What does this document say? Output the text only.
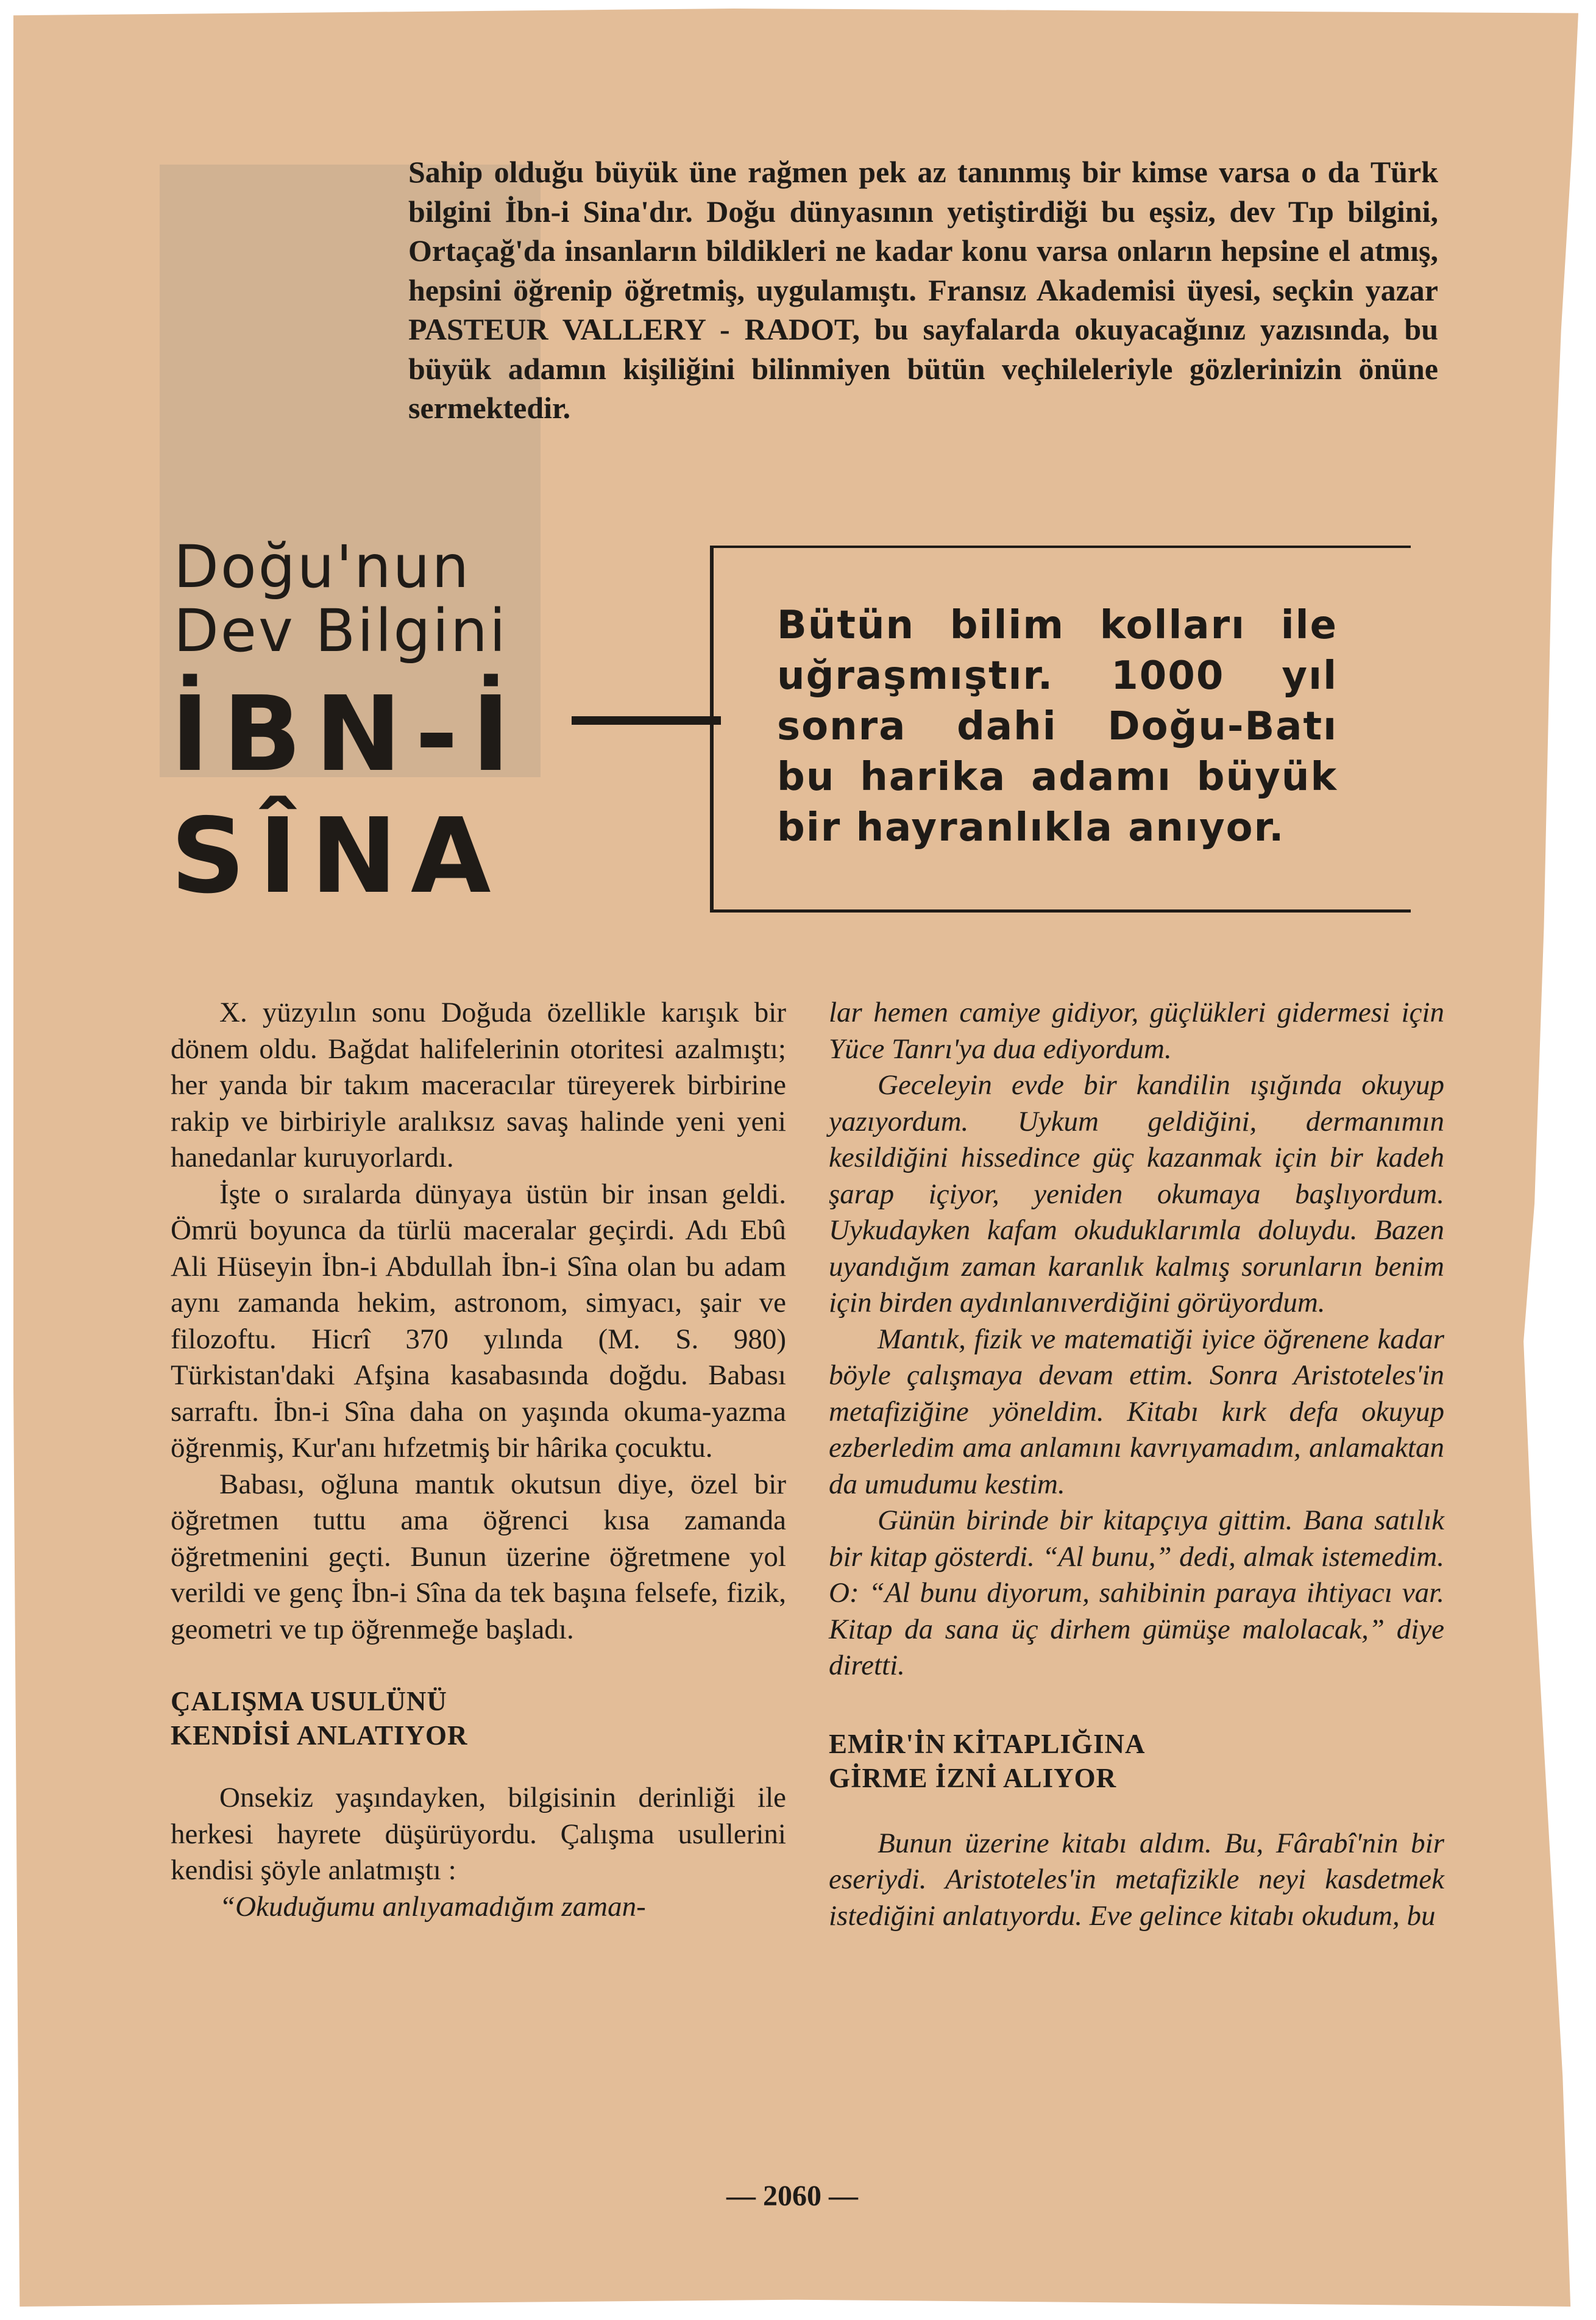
Sahip olduğu büyük üne rağmen pek az tanınmış bir kimse varsa o da Türk bilgini İbn-i Sina'dır. Doğu dünyasının yetiştirdiği bu eşsiz, dev Tıp bilgini, Ortaçağ'da insanların bildikleri ne kadar konu varsa onların hepsine el atmış, hepsini öğrenip öğretmiş, uygulamıştı. Fransız Akademisi üyesi, seçkin yazar PASTEUR VALLERY - RADOT, bu sayfalarda okuyacağınız yazısında, bu büyük adamın kişiliğini bilinmiyen bütün veçhileleriyle gözlerinizin önüne sermektedir.

Doğu'nun
Dev Bilgini
İBN-İ
SÎNA

Bütün bilim kolları ile uğraşmıştır. 1000 yıl sonra dahi Doğu-Batı bu harika adamı büyük bir hayranlıkla anıyor.

X. yüzyılın sonu Doğuda özellikle karışık bir dönem oldu. Bağdat halifelerinin otoritesi azalmıştı; her yanda bir takım maceracılar türeyerek birbirine rakip ve birbiriyle aralıksız savaş halinde yeni yeni hanedanlar kuruyorlardı.

İşte o sıralarda dünyaya üstün bir insan geldi. Ömrü boyunca da türlü maceralar geçirdi. Adı Ebû Ali Hüseyin İbn-i Abdullah İbn-i Sîna olan bu adam aynı zamanda hekim, astronom, simyacı, şair ve filozoftu. Hicrî 370 yılında (M. S. 980) Türkistan'daki Afşina kasabasında doğdu. Babası sarraftı. İbn-i Sîna daha on yaşında okuma-yazma öğrenmiş, Kur'anı hıfzetmiş bir hârika çocuktu.

Babası, oğluna mantık okutsun diye, özel bir öğretmen tuttu ama öğrenci kısa zamanda öğretmenini geçti. Bunun üzerine öğretmene yol verildi ve genç İbn-i Sîna da tek başına felsefe, fizik, geometri ve tıp öğrenmeğe başladı.

ÇALIŞMA USULÜNÜ KENDİSİ ANLATIYOR

Onsekiz yaşındayken, bilgisinin derinliği ile herkesi hayrete düşürüyordu. Çalışma usullerini kendisi şöyle anlatmıştı :

“Okuduğumu anlıyamadığım zaman-

lar hemen camiye gidiyor, güçlükleri gidermesi için Yüce Tanrı'ya dua ediyordum.

Geceleyin evde bir kandilin ışığında okuyup yazıyordum. Uykum geldiğini, dermanımın kesildiğini hissedince güç kazanmak için bir kadeh şarap içiyor, yeniden okumaya başlıyordum. Uykudayken kafam okuduklarımla doluydu. Bazen uyandığım zaman karanlık kalmış sorunların benim için birden aydınlanıverdiğini görüyordum.

Mantık, fizik ve matematiği iyice öğrenene kadar böyle çalışmaya devam ettim. Sonra Aristoteles'in metafiziğine yöneldim. Kitabı kırk defa okuyup ezberledim ama anlamını kavrıyamadım, anlamaktan da umudumu kestim.

Günün birinde bir kitapçıya gittim. Bana satılık bir kitap gösterdi. “Al bunu,” dedi, almak istemedim. O: “Al bunu diyorum, sahibinin paraya ihtiyacı var. Kitap da sana üç dirhem gümüşe malolacak,” diye diretti.

EMİR'İN KİTAPLIĞINA GİRME İZNİ ALIYOR

Bunun üzerine kitabı aldım. Bu, Fârabî'nin bir eseriydi. Aristoteles'in metafizikle neyi kasdetmek istediğini anlatıyordu. Eve gelince kitabı okudum, bu

— 2060 —
